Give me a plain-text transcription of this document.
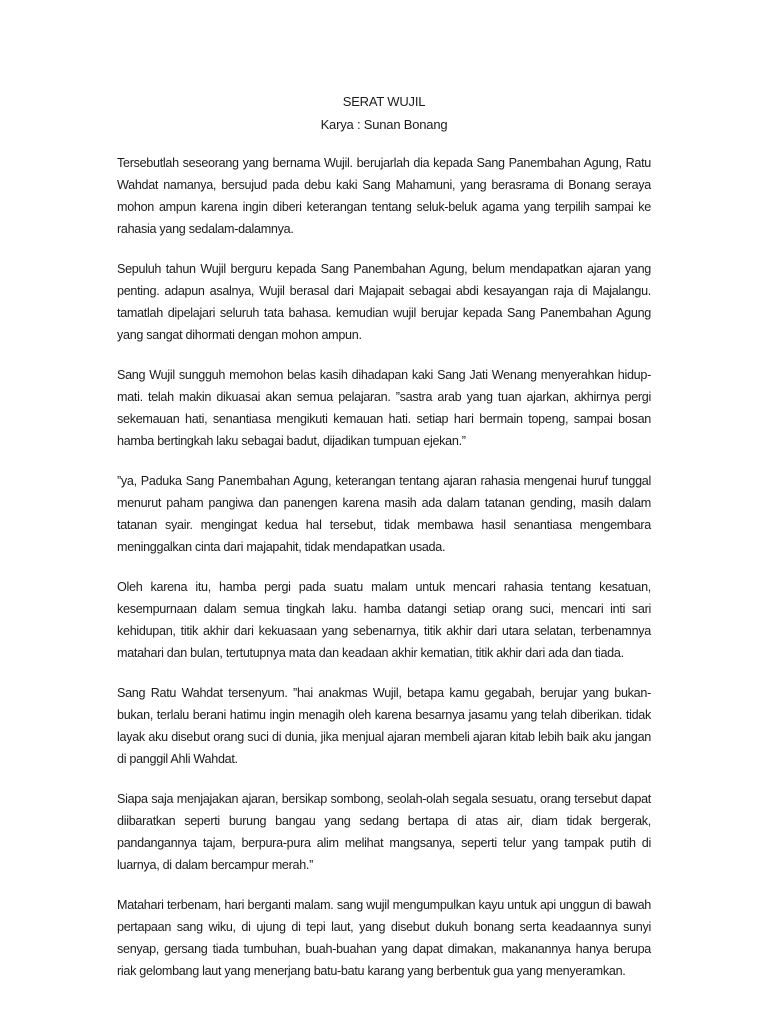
SERAT WUJIL
Karya : Sunan Bonang

Tersebutlah seseorang yang bernama Wujil. berujarlah dia kepada Sang Panembahan Agung, Ratu Wahdat namanya, bersujud pada debu kaki Sang Mahamuni, yang berasrama di Bonang seraya mohon ampun karena ingin diberi keterangan tentang seluk-beluk agama yang terpilih sampai ke rahasia yang sedalam-dalamnya.

Sepuluh tahun Wujil berguru kepada Sang Panembahan Agung, belum mendapatkan ajaran yang penting. adapun asalnya, Wujil berasal dari Majapait sebagai abdi kesayangan raja di Majalangu. tamatlah dipelajari seluruh tata bahasa. kemudian wujil berujar kepada Sang Panembahan Agung yang sangat dihormati dengan mohon ampun.

Sang Wujil sungguh memohon belas kasih dihadapan kaki Sang Jati Wenang menyerahkan hidup-mati. telah makin dikuasai akan semua pelajaran. ”sastra arab yang tuan ajarkan, akhirnya pergi sekemauan hati, senantiasa mengikuti kemauan hati. setiap hari bermain topeng, sampai bosan hamba bertingkah laku sebagai badut, dijadikan tumpuan ejekan.”

”ya, Paduka Sang Panembahan Agung, keterangan tentang ajaran rahasia mengenai huruf tunggal menurut paham pangiwa dan panengen karena masih ada dalam tatanan gending, masih dalam tatanan syair. mengingat kedua hal tersebut, tidak membawa hasil senantiasa mengembara meninggalkan cinta dari majapahit, tidak mendapatkan usada.

Oleh karena itu, hamba pergi pada suatu malam untuk mencari rahasia tentang kesatuan, kesempurnaan dalam semua tingkah laku. hamba datangi setiap orang suci, mencari inti sari kehidupan, titik akhir dari kekuasaan yang sebenarnya, titik akhir dari utara selatan, terbenamnya matahari dan bulan, tertutupnya mata dan keadaan akhir kematian, titik akhir dari ada dan tiada.

Sang Ratu Wahdat tersenyum. ”hai anakmas Wujil, betapa kamu gegabah, berujar yang bukan-bukan, terlalu berani hatimu ingin menagih oleh karena besarnya jasamu yang telah diberikan. tidak layak aku disebut orang suci di dunia, jika menjual ajaran membeli ajaran kitab lebih baik aku jangan di panggil Ahli Wahdat.

Siapa saja menjajakan ajaran, bersikap sombong, seolah-olah segala sesuatu, orang tersebut dapat diibaratkan seperti burung bangau yang sedang bertapa di atas air, diam tidak bergerak, pandangannya tajam, berpura-pura alim melihat mangsanya, seperti telur yang tampak putih di luarnya, di dalam bercampur merah.”

Matahari terbenam, hari berganti malam. sang wujil mengumpulkan kayu untuk api unggun di bawah pertapaan sang wiku, di ujung di tepi laut, yang disebut dukuh bonang serta keadaannya sunyi senyap, gersang tiada tumbuhan, buah-buahan yang dapat dimakan, makanannya hanya berupa riak gelombang laut yang menerjang batu-batu karang yang berbentuk gua yang menyeramkan.
